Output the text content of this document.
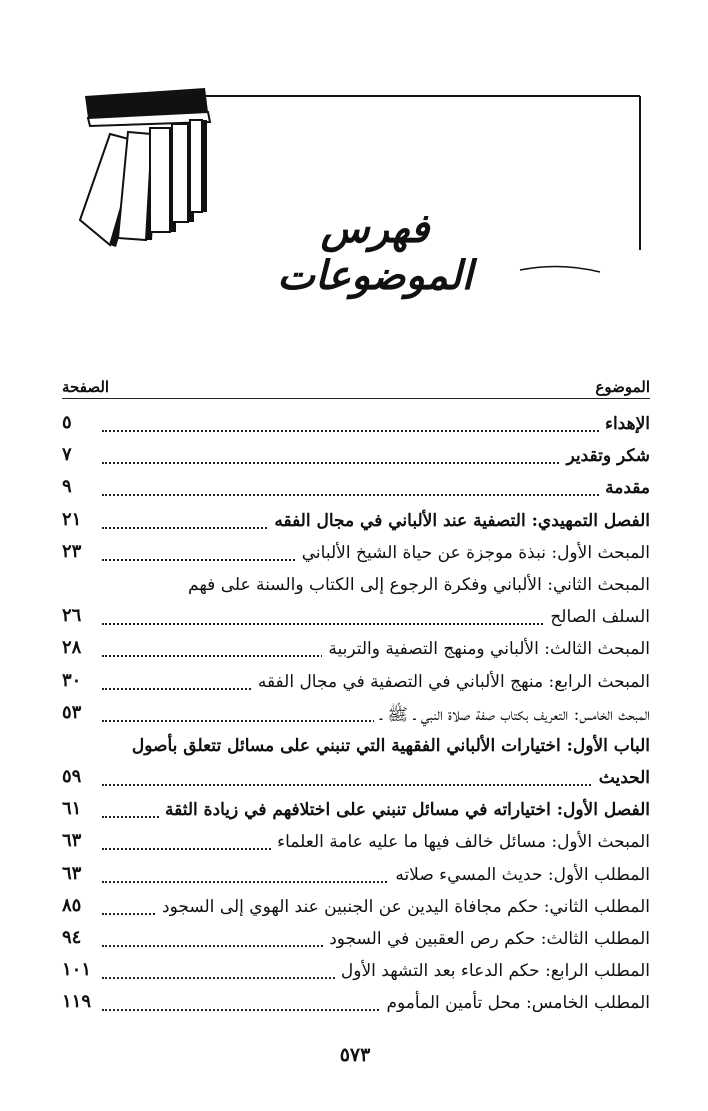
فهرس الموضوعات
الموضوع
الصفحة
الإهداء
٥
شكر وتقدير
٧
مقدمة
٩
الفصل التمهيدي: التصفية عند الألباني في مجال الفقه
٢١
المبحث الأول: نبذة موجزة عن حياة الشيخ الألباني
٢٣
المبحث الثاني: الألباني وفكرة الرجوع إلى الكتاب والسنة على فهم
السلف الصالح
٢٦
المبحث الثالث: الألباني ومنهج التصفية والتربية
٢٨
المبحث الرابع: منهج الألباني في التصفية في مجال الفقه
٣٠
المبحث الخامس: التعريف بكتاب صفة صلاة النبي ـ ﷺ ـ
٥٣
الباب الأول: اختيارات الألباني الفقهية التي تنبني على مسائل تتعلق بأصول
الحديث
٥٩
الفصل الأول: اختياراته في مسائل تنبني على اختلافهم في زيادة الثقة
٦١
المبحث الأول: مسائل خالف فيها ما عليه عامة العلماء
٦٣
المطلب الأول: حديث المسيء صلاته
٦٣
المطلب الثاني: حكم مجافاة اليدين عن الجنبين عند الهوي إلى السجود
٨٥
المطلب الثالث: حكم رص العقبين في السجود
٩٤
المطلب الرابع: حكم الدعاء بعد التشهد الأول
١٠١
المطلب الخامس: محل تأمين المأموم
١١٩
٥٧٣
